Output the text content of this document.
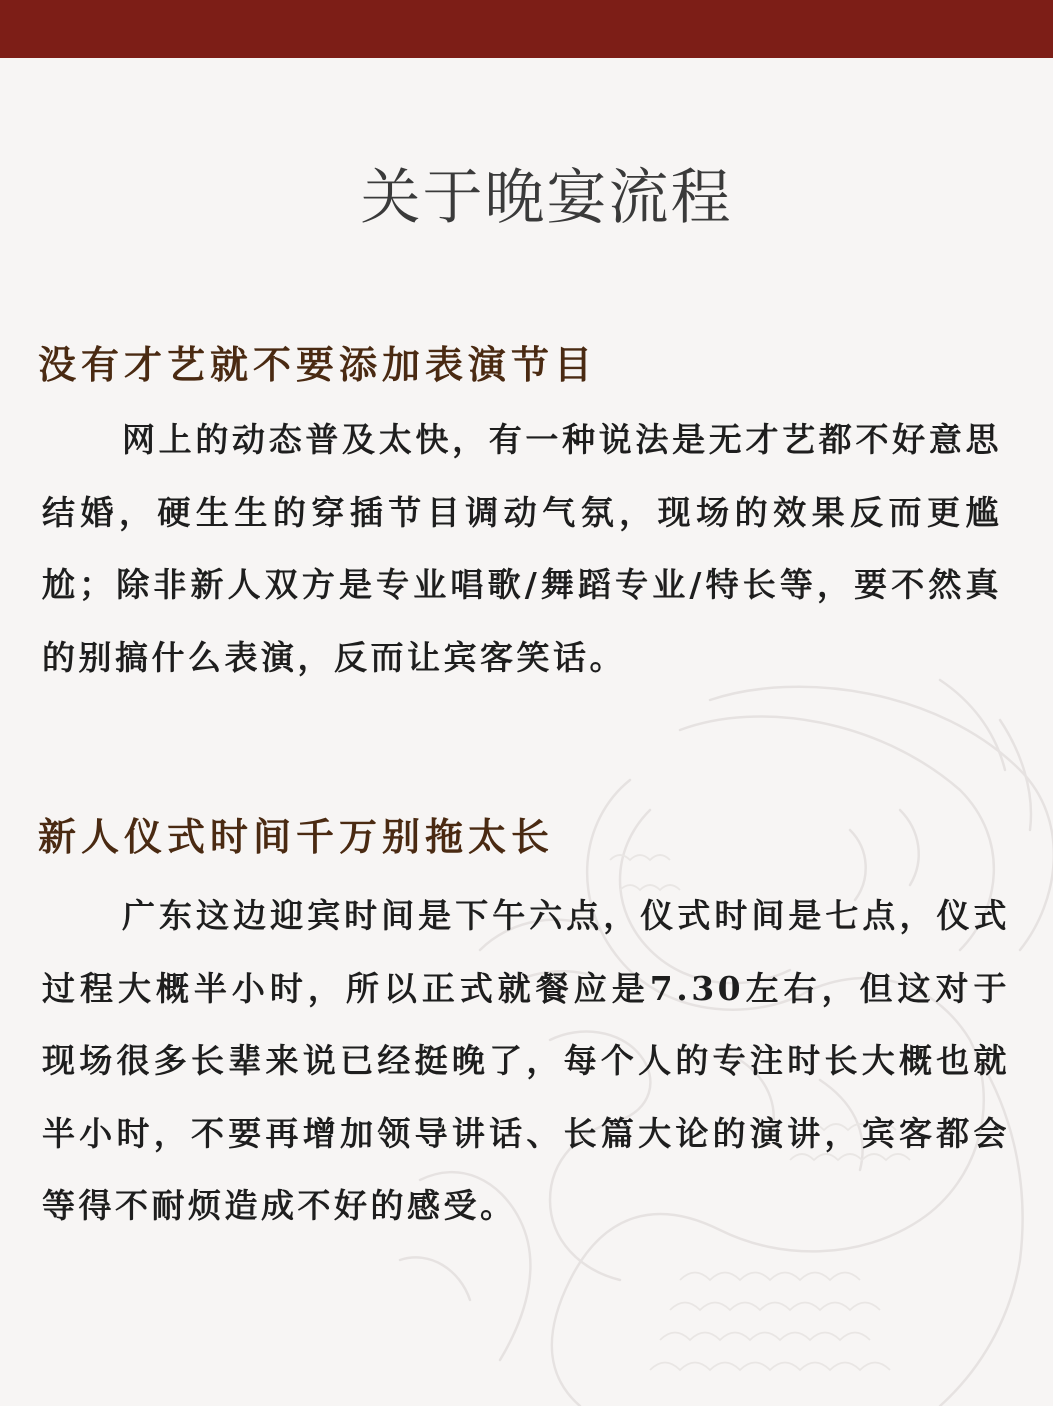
关于晚宴流程
没有才艺就不要添加表演节目

网上的动态普及太快，有一种说法是无才艺都不好意思结婚，硬生生的穿插节目调动气氛，现场的效果反而更尴尬；除非新人双方是专业唱歌/舞蹈专业/特长等，要不然真的别搞什么表演，反而让宾客笑话。

新人仪式时间千万别拖太长

广东这边迎宾时间是下午六点，仪式时间是七点，仪式过程大概半小时，所以正式就餐应是7.30左右，但这对于现场很多长辈来说已经挺晚了，每个人的专注时长大概也就半小时，不要再增加领导讲话、长篇大论的演讲，宾客都会等得不耐烦造成不好的感受。
